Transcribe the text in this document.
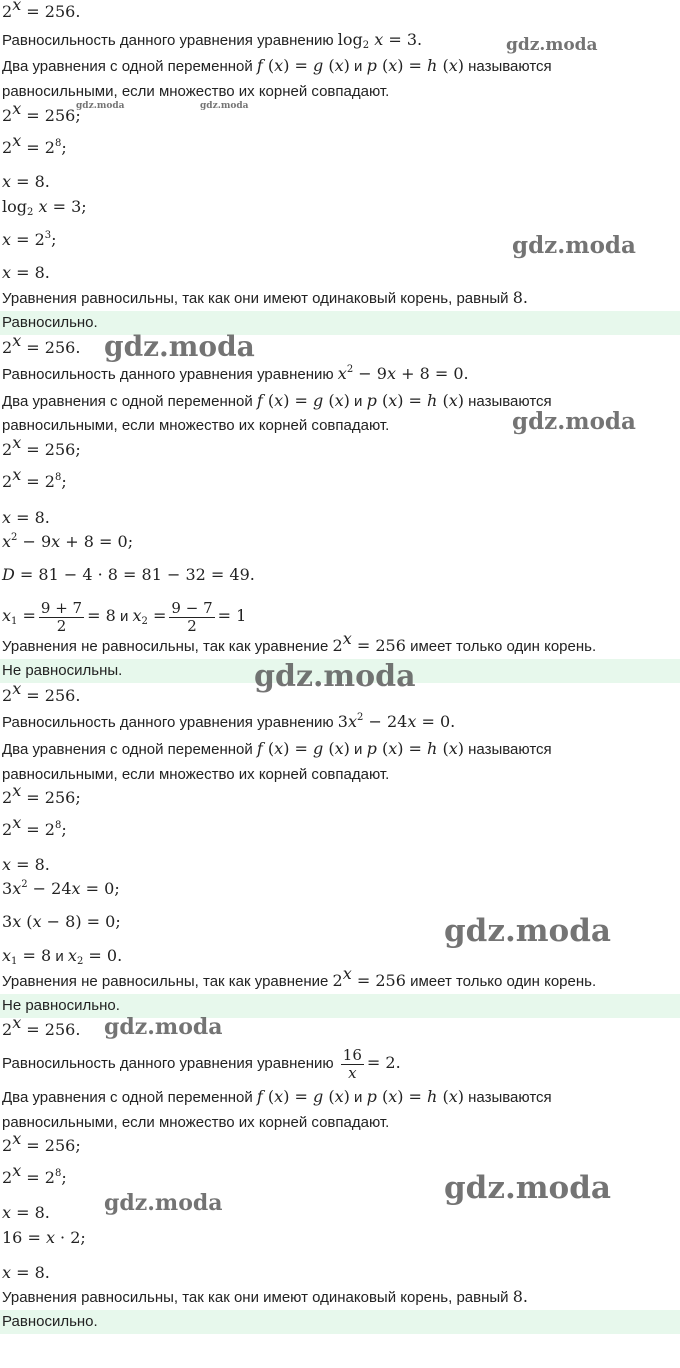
$2^x = 256$.
Равносильность данного уравнения уравнению $\log_2 x = 3$.
Два уравнения с одной переменной f (x) = g (x) и p (x) = h (x) называются
равносильными, если множество их корней совпадают.
$2^x = 256$;
$2^x = 2^8$;
x = 8.
$\log_2 x = 3$;
$x = 2^3$;
x = 8.
Уравнения равносильны, так как они имеют одинаковый корень, равный 8.
Равносильно.
$2^x = 256$.
Равносильность данного уравнения уравнению $x^2 - 9x + 8 = 0$.
Два уравнения с одной переменной f (x) = g (x) и p (x) = h (x) называются
равносильными, если множество их корней совпадают.
$2^x = 256$;
$2^x = 2^8$;
x = 8.
$x^2 - 9x + 8 = 0$;
D = 81 − 4 · 8 = 81 − 32 = 49.
$x_1 = \frac{9 + 7}{2} = 8$ и $x_2 = \frac{9 - 7}{2} = 1$
Уравнения не равносильны, так как уравнение $2^x = 256$ имеет только один корень.
Не равносильны.
$2^x = 256$.
Равносильность данного уравнения уравнению $3x^2 - 24x = 0$.
Два уравнения с одной переменной f (x) = g (x) и p (x) = h (x) называются
равносильными, если множество их корней совпадают.
$2^x = 256$;
$2^x = 2^8$;
x = 8.
$3x^2 - 24x = 0$;
3x (x − 8) = 0;
$x_1 = 8$ и $x_2 = 0$.
Уравнения не равносильны, так как уравнение $2^x = 256$ имеет только один корень.
Не равносильно.
$2^x = 256$.
Равносильность данного уравнения уравнению $\frac{16}{x} = 2$.
Два уравнения с одной переменной f (x) = g (x) и p (x) = h (x) называются
равносильными, если множество их корней совпадают.
$2^x = 256$;
$2^x = 2^8$;
x = 8.
16 = x · 2;
x = 8.
Уравнения равносильны, так как они имеют одинаковый корень, равный 8.
Равносильно.
gdz.moda
gdz.moda	gdz.moda
gdz.moda
gdz.moda
gdz.moda
gdz.moda
gdz.moda
gdz.moda
gdz.moda
gdz.moda
